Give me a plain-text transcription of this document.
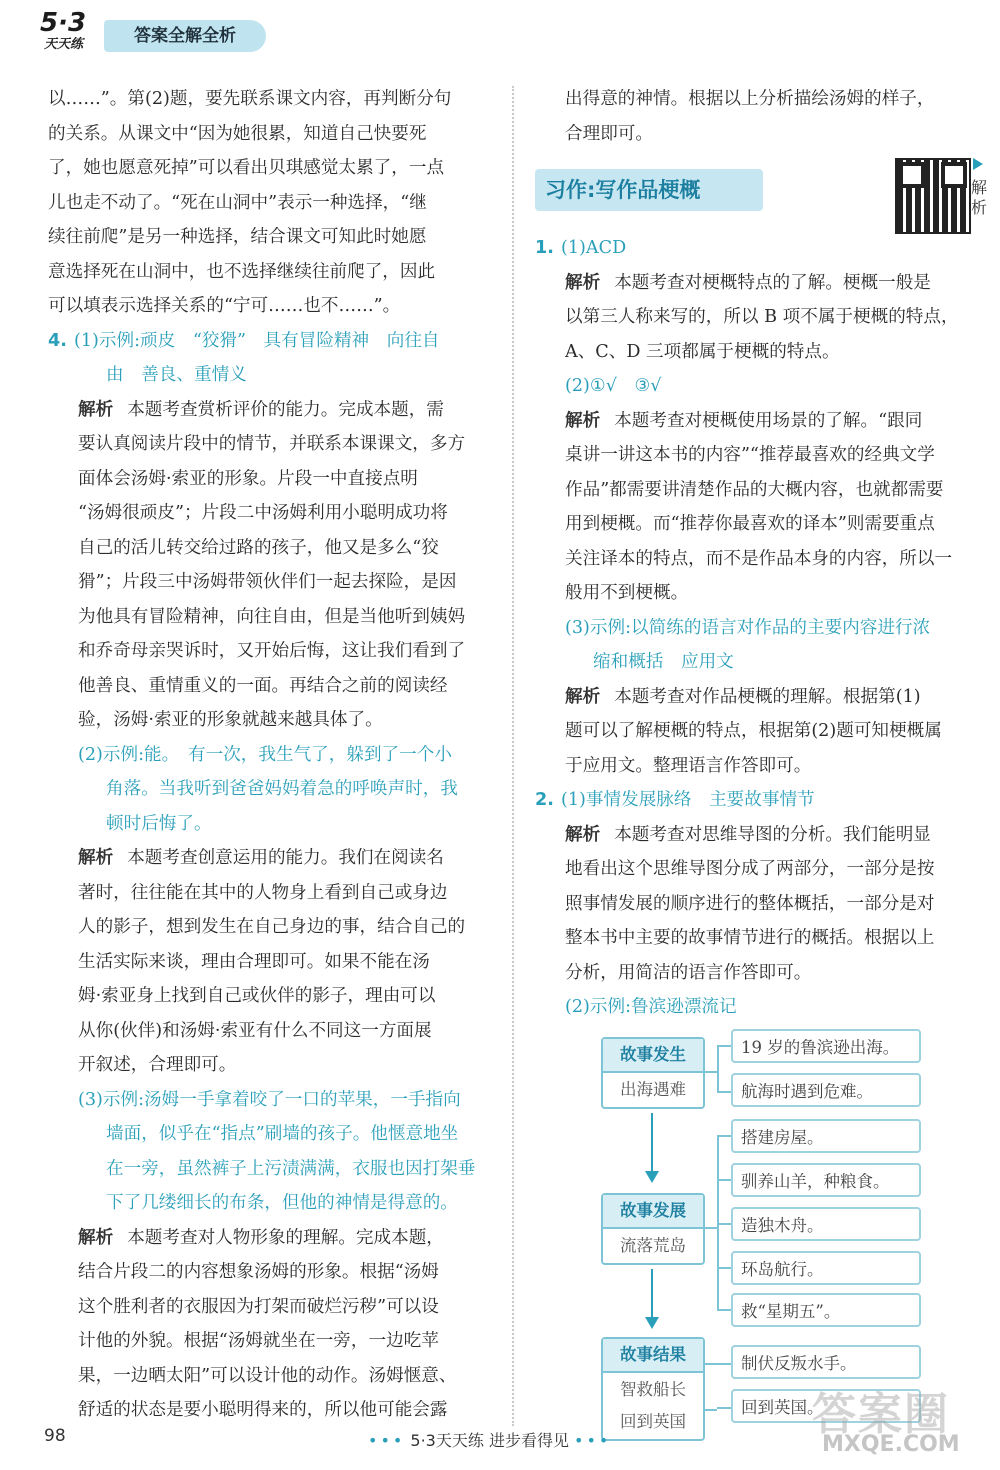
5·3
天天练	答案全解全析

以……”。第(2)题，要先联系课文内容，再判断分句

的关系。从课文中“因为她很累，知道自己快要死

了，她也愿意死掉”可以看出贝琪感觉太累了，一点

儿也走不动了。“死在山洞中”表示一种选择，“继

续往前爬”是另一种选择，结合课文可知此时她愿

意选择死在山洞中，也不选择继续往前爬了，因此

可以填表示选择关系的“宁可……也不……”。

4. (1)示例:顽皮　“狡猾”　具有冒险精神　向往自
由　善良、重情义

解析 本题考查赏析评价的能力。完成本题，需

要认真阅读片段中的情节，并联系本课课文，多方

面体会汤姆·索亚的形象。片段一中直接点明

“汤姆很顽皮”；片段二中汤姆利用小聪明成功将

自己的活儿转交给过路的孩子，他又是多么“狡

猾”；片段三中汤姆带领伙伴们一起去探险，是因

为他具有冒险精神，向往自由，但是当他听到姨妈

和乔奇母亲哭诉时，又开始后悔，这让我们看到了

他善良、重情重义的一面。再结合之前的阅读经

验，汤姆·索亚的形象就越来越具体了。

(2)示例:能。　有一次，我生气了，躲到了一个小

角落。当我听到爸爸妈妈着急的呼唤声时，我

顿时后悔了。

解析 本题考查创意运用的能力。我们在阅读名

著时，往往能在其中的人物身上看到自己或身边

人的影子，想到发生在自己身边的事，结合自己的

生活实际来谈，理由合理即可。如果不能在汤

姆·索亚身上找到自己或伙伴的影子，理由可以

从你(伙伴)和汤姆·索亚有什么不同这一方面展

开叙述，合理即可。

(3)示例:汤姆一手拿着咬了一口的苹果，一手指向

墙面，似乎在“指点”刷墙的孩子。他惬意地坐

在一旁，虽然裤子上污渍满满，衣服也因打架垂

下了几缕细长的布条，但他的神情是得意的。

解析 本题考查对人物形象的理解。完成本题，

结合片段二的内容想象汤姆的形象。根据“汤姆

这个胜利者的衣服因为打架而破烂污秽”可以设

计他的外貌。根据“汤姆就坐在一旁，一边吃苹

果，一边晒太阳”可以设计他的动作。汤姆惬意、

舒适的状态是要小聪明得来的，所以他可能会露

出得意的神情。根据以上分析描绘汤姆的样子，

合理即可。

习作:写作品梗概	解析
1. (1)ACD

解析 本题考查对梗概特点的了解。梗概一般是

以第三人称来写的，所以 B 项不属于梗概的特点，

A、C、D 三项都属于梗概的特点。

(2)①√　③√

解析 本题考查对梗概使用场景的了解。“跟同

桌讲一讲这本书的内容”“推荐最喜欢的经典文学

作品”都需要讲清楚作品的大概内容，也就都需要

用到梗概。而“推荐你最喜欢的译本”则需要重点

关注译本的特点，而不是作品本身的内容，所以一

般用不到梗概。

(3)示例:以简练的语言对作品的主要内容进行浓

缩和概括　应用文

解析 本题考查对作品梗概的理解。根据第(1)

题可以了解梗概的特点，根据第(2)题可知梗概属

于应用文。整理语言作答即可。

2. (1)事情发展脉络　主要故事情节

解析 本题考查对思维导图的分析。我们能明显

地看出这个思维导图分成了两部分，一部分是按

照事情发展的顺序进行的整体概括，一部分是对

整本书中主要的故事情节进行的概括。根据以上

分析，用简洁的语言作答即可。

(2)示例:鲁滨逊漂流记

故事发生
出海遇难
19 岁的鲁滨逊出海。
航海时遇到危难。
故事发展
流落荒岛
搭建房屋。
驯养山羊，种粮食。
造独木舟。
环岛航行。
救“星期五”。
故事结果
智救船长
回到英国
制伏反叛水手。
回到英国。
98	••• 5·3天天练 进步看得见 •••
答案圈
MXQE.COM
